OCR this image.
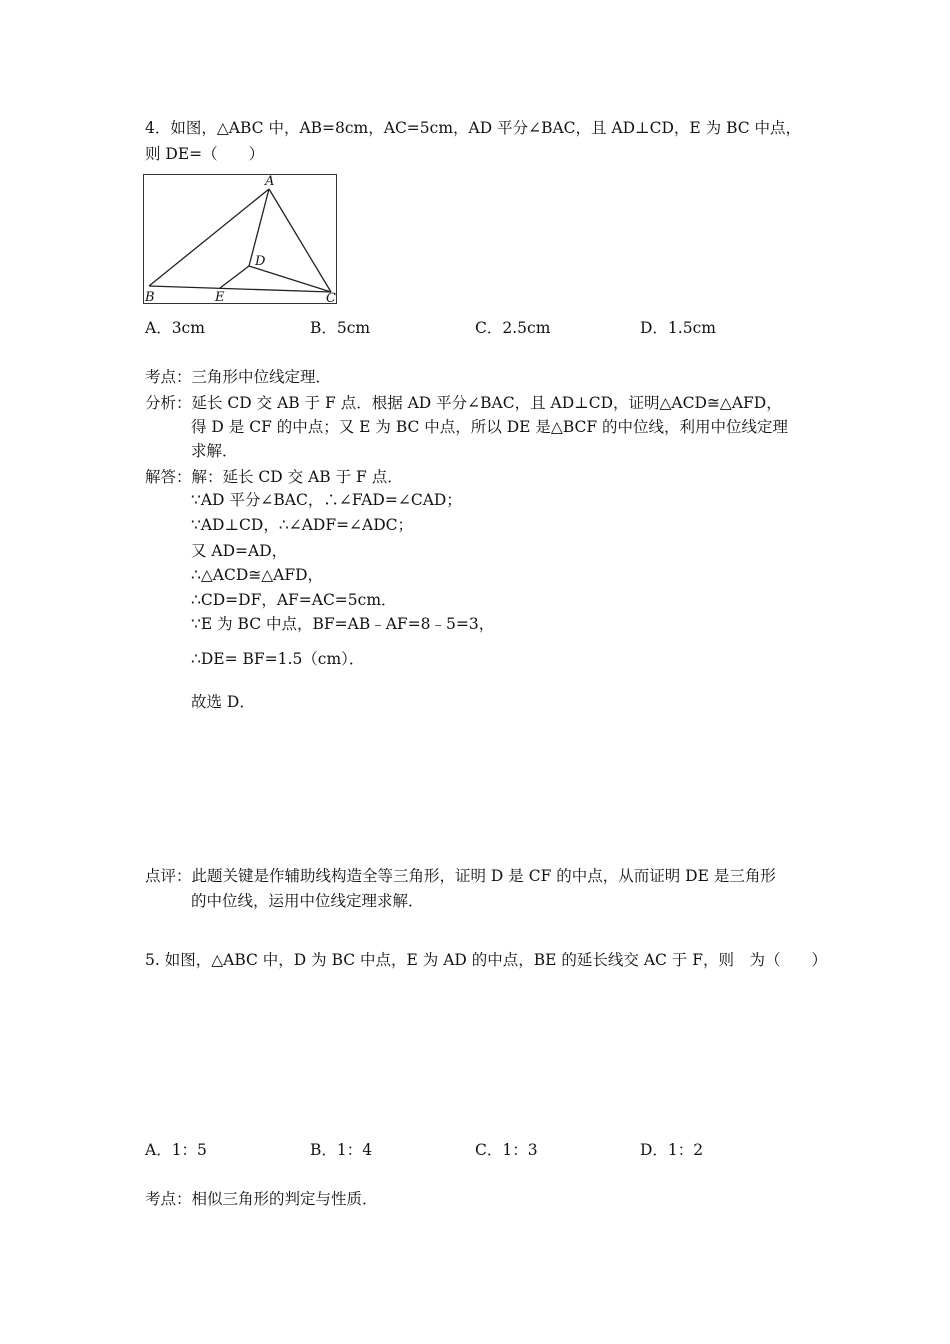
4．如图，△ABC 中，AB=8cm，AC=5cm，AD 平分∠BAC，且 AD⊥CD，E 为 BC 中点，
则 DE=（　　）
A
B	C
D
E
A．3cm	B．5cm	C．2.5cm	D．1.5cm
考点：三角形中位线定理．
分析：延长 CD 交 AB 于 F 点．根据 AD 平分∠BAC，且 AD⊥CD，证明△ACD≅△AFD，
得 D 是 CF 的中点；又 E 为 BC 中点，所以 DE 是△BCF 的中位线，利用中位线定理
求解．
解答：解：延长 CD 交 AB 于 F 点．
∵AD 平分∠BAC，∴∠FAD=∠CAD；
∵AD⊥CD，∴∠ADF=∠ADC；
又 AD=AD，
∴△ACD≅△AFD，
∴CD=DF，AF=AC=5cm．
∵E 为 BC 中点，BF=AB﹣AF=8﹣5=3，
∴DE= BF=1.5（cm）．
故选 D．
点评：此题关键是作辅助线构造全等三角形，证明 D 是 CF 的中点，从而证明 DE 是三角形
的中位线，运用中位线定理求解．
5. 如图，△ABC 中，D 为 BC 中点，E 为 AD 的中点，BE 的延长线交 AC 于 F，则　为（　　）
A．1：5	B．1：4	C．1：3	D．1：2
考点：相似三角形的判定与性质．
